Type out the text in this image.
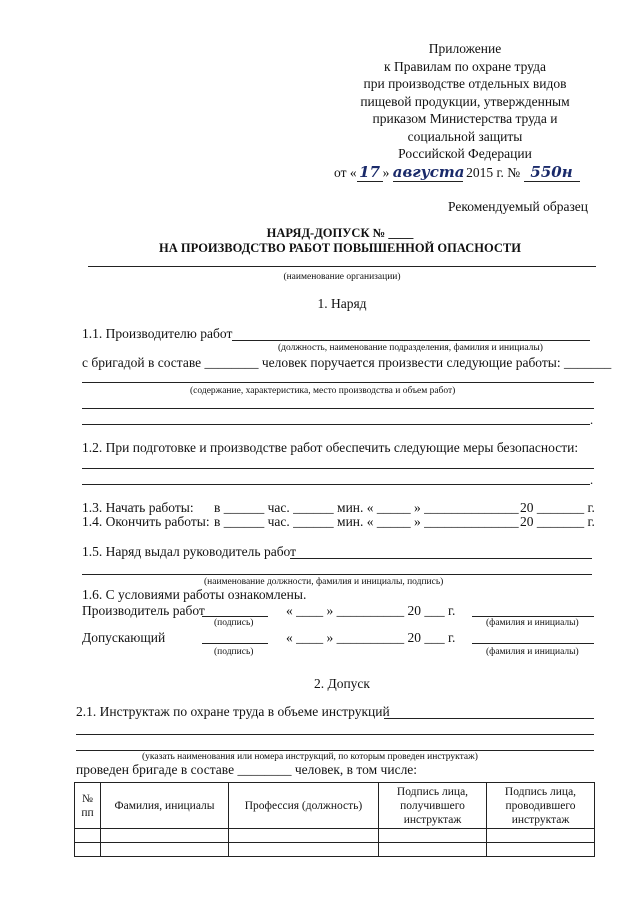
Приложение
к Правилам по охране труда
при производстве отдельных видов
пищевой продукции, утвержденным
приказом Министерства труда и
социальной защиты
Российской Федерации
от « 17 » августа 2015 г. № 550н
Рекомендуемый образец
НАРЯД-ДОПУСК № ____
НА ПРОИЗВОДСТВО РАБОТ ПОВЫШЕННОЙ ОПАСНОСТИ
(наименование организации)
1. Наряд
1.1. Производителю работ
(должность, наименование подразделения, фамилия и инициалы)
с бригадой в составе ________ человек поручается произвести следующие работы: _______
(содержание, характеристика, место производства и объем работ)
.
1.2. При подготовке и производстве работ обеспечить следующие меры безопасности:
.
1.3. Начать работы: в ______ час. ______ мин. « _____ » ______________ 20 _______ г.
1.4. Окончить работы: в ______ час. ______ мин. « _____ » ______________ 20 _______ г.
1.5. Наряд выдал руководитель работ
(наименование должности, фамилия и инициалы, подпись)
1.6. С условиями работы ознакомлены.
Производитель работ	« ____ » __________ 20 ___ г.
(подпись)	(фамилия и инициалы)
Допускающий	« ____ » __________ 20 ___ г.
(подпись)	(фамилия и инициалы)
2. Допуск
2.1. Инструктаж по охране труда в объеме инструкций
(указать наименования или номера инструкций, по которым проведен инструктаж)
проведен бригаде в составе ________ человек, в том числе:
№ пп	Фамилия, инициалы	Профессия (должность)	Подпись лица, получившего инструктаж	Подпись лица, проводившего инструктаж
